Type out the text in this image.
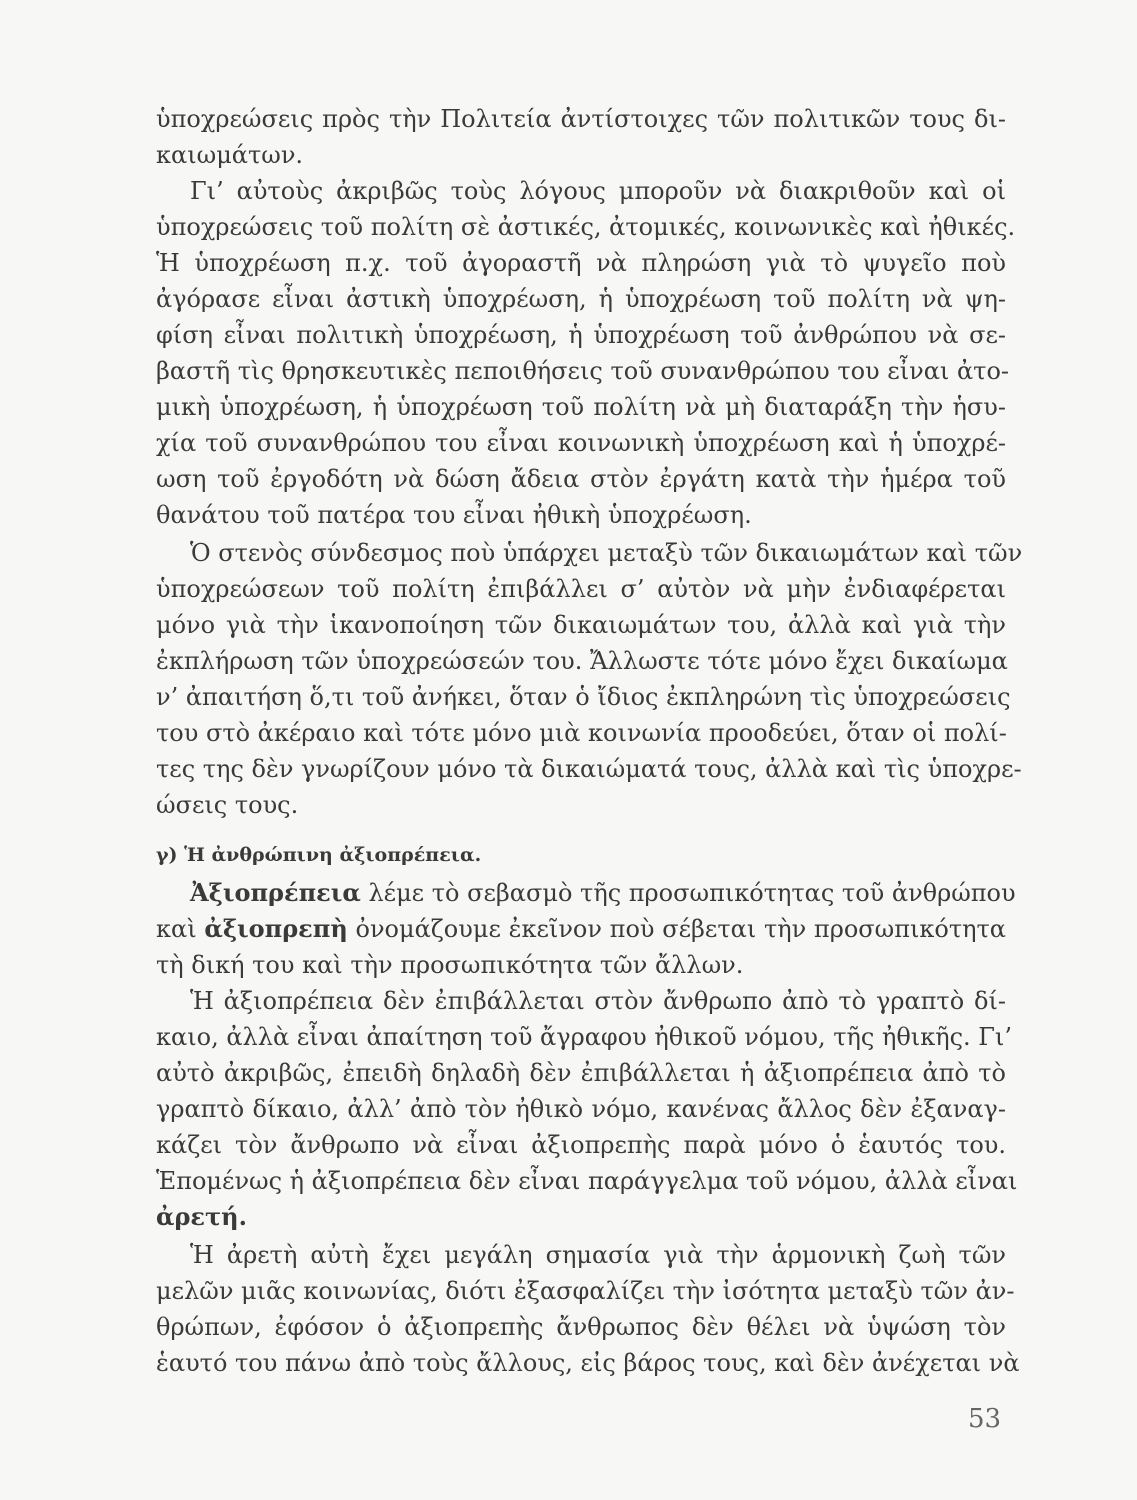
ὑποχρεώσεις πρὸς τὴν Πολιτεία ἀντίστοιχες τῶν πολιτικῶν τους δι-
καιωμάτων.
Γι’ αὐτοὺς ἀκριβῶς τοὺς λόγους μποροῦν νὰ διακριθοῦν καὶ οἱ
ὑποχρεώσεις τοῦ πολίτη σὲ ἀστικές, ἀτομικές, κοινωνικὲς καὶ ἠθικές.
Ἡ ὑποχρέωση π.χ. τοῦ ἀγοραστῆ νὰ πληρώση γιὰ τὸ ψυγεῖο ποὺ
ἀγόρασε εἶναι ἀστικὴ ὑποχρέωση, ἡ ὑποχρέωση τοῦ πολίτη νὰ ψη-
φίση εἶναι πολιτικὴ ὑποχρέωση, ἡ ὑποχρέωση τοῦ ἀνθρώπου νὰ σε-
βαστῆ τὶς θρησκευτικὲς πεποιθήσεις τοῦ συνανθρώπου του εἶναι ἀτο-
μικὴ ὑποχρέωση, ἡ ὑποχρέωση τοῦ πολίτη νὰ μὴ διαταράξη τὴν ἡσυ-
χία τοῦ συνανθρώπου του εἶναι κοινωνικὴ ὑποχρέωση καὶ ἡ ὑποχρέ-
ωση τοῦ ἐργοδότη νὰ δώση ἄδεια στὸν ἐργάτη κατὰ τὴν ἡμέρα τοῦ
θανάτου τοῦ πατέρα του εἶναι ἠθικὴ ὑποχρέωση.
Ὁ στενὸς σύνδεσμος ποὺ ὑπάρχει μεταξὺ τῶν δικαιωμάτων καὶ τῶν
ὑποχρεώσεων τοῦ πολίτη ἐπιβάλλει σ’ αὐτὸν νὰ μὴν ἐνδιαφέρεται
μόνο γιὰ τὴν ἱκανοποίηση τῶν δικαιωμάτων του, ἀλλὰ καὶ γιὰ τὴν
ἐκπλήρωση τῶν ὑποχρεώσεών του. Ἄλλωστε τότε μόνο ἔχει δικαίωμα
ν’ ἀπαιτήση ὅ,τι τοῦ ἀνήκει, ὅταν ὁ ἴδιος ἐκπληρώνη τὶς ὑποχρεώσεις
του στὸ ἀκέραιο καὶ τότε μόνο μιὰ κοινωνία προοδεύει, ὅταν οἱ πολί-
τες της δὲν γνωρίζουν μόνο τὰ δικαιώματά τους, ἀλλὰ καὶ τὶς ὑποχρε-
ώσεις τους.
γ) Ἡ ἀνθρώπινη ἀξιοπρέπεια.
Ἀξιοπρέπεια λέμε τὸ σεβασμὸ τῆς προσωπικότητας τοῦ ἀνθρώπου
καὶ ἀξιοπρεπὴ ὀνομάζουμε ἐκεῖνον ποὺ σέβεται τὴν προσωπικότητα
τὴ δική του καὶ τὴν προσωπικότητα τῶν ἄλλων.
Ἡ ἀξιοπρέπεια δὲν ἐπιβάλλεται στὸν ἄνθρωπο ἀπὸ τὸ γραπτὸ δί-
καιο, ἀλλὰ εἶναι ἀπαίτηση τοῦ ἄγραφου ἠθικοῦ νόμου, τῆς ἠθικῆς. Γι’
αὐτὸ ἀκριβῶς, ἐπειδὴ δηλαδὴ δὲν ἐπιβάλλεται ἡ ἀξιοπρέπεια ἀπὸ τὸ
γραπτὸ δίκαιο, ἀλλ’ ἀπὸ τὸν ἠθικὸ νόμο, κανένας ἄλλος δὲν ἐξαναγ-
κάζει τὸν ἄνθρωπο νὰ εἶναι ἀξιοπρεπὴς παρὰ μόνο ὁ ἑαυτός του.
Ἑπομένως ἡ ἀξιοπρέπεια δὲν εἶναι παράγγελμα τοῦ νόμου, ἀλλὰ εἶναι
ἀρετή.
Ἡ ἀρετὴ αὐτὴ ἔχει μεγάλη σημασία γιὰ τὴν ἁρμονικὴ ζωὴ τῶν
μελῶν μιᾶς κοινωνίας, διότι ἐξασφαλίζει τὴν ἰσότητα μεταξὺ τῶν ἀν-
θρώπων, ἐφόσον ὁ ἀξιοπρεπὴς ἄνθρωπος δὲν θέλει νὰ ὑψώση τὸν
ἑαυτό του πάνω ἀπὸ τοὺς ἄλλους, εἰς βάρος τους, καὶ δὲν ἀνέχεται νὰ
53
